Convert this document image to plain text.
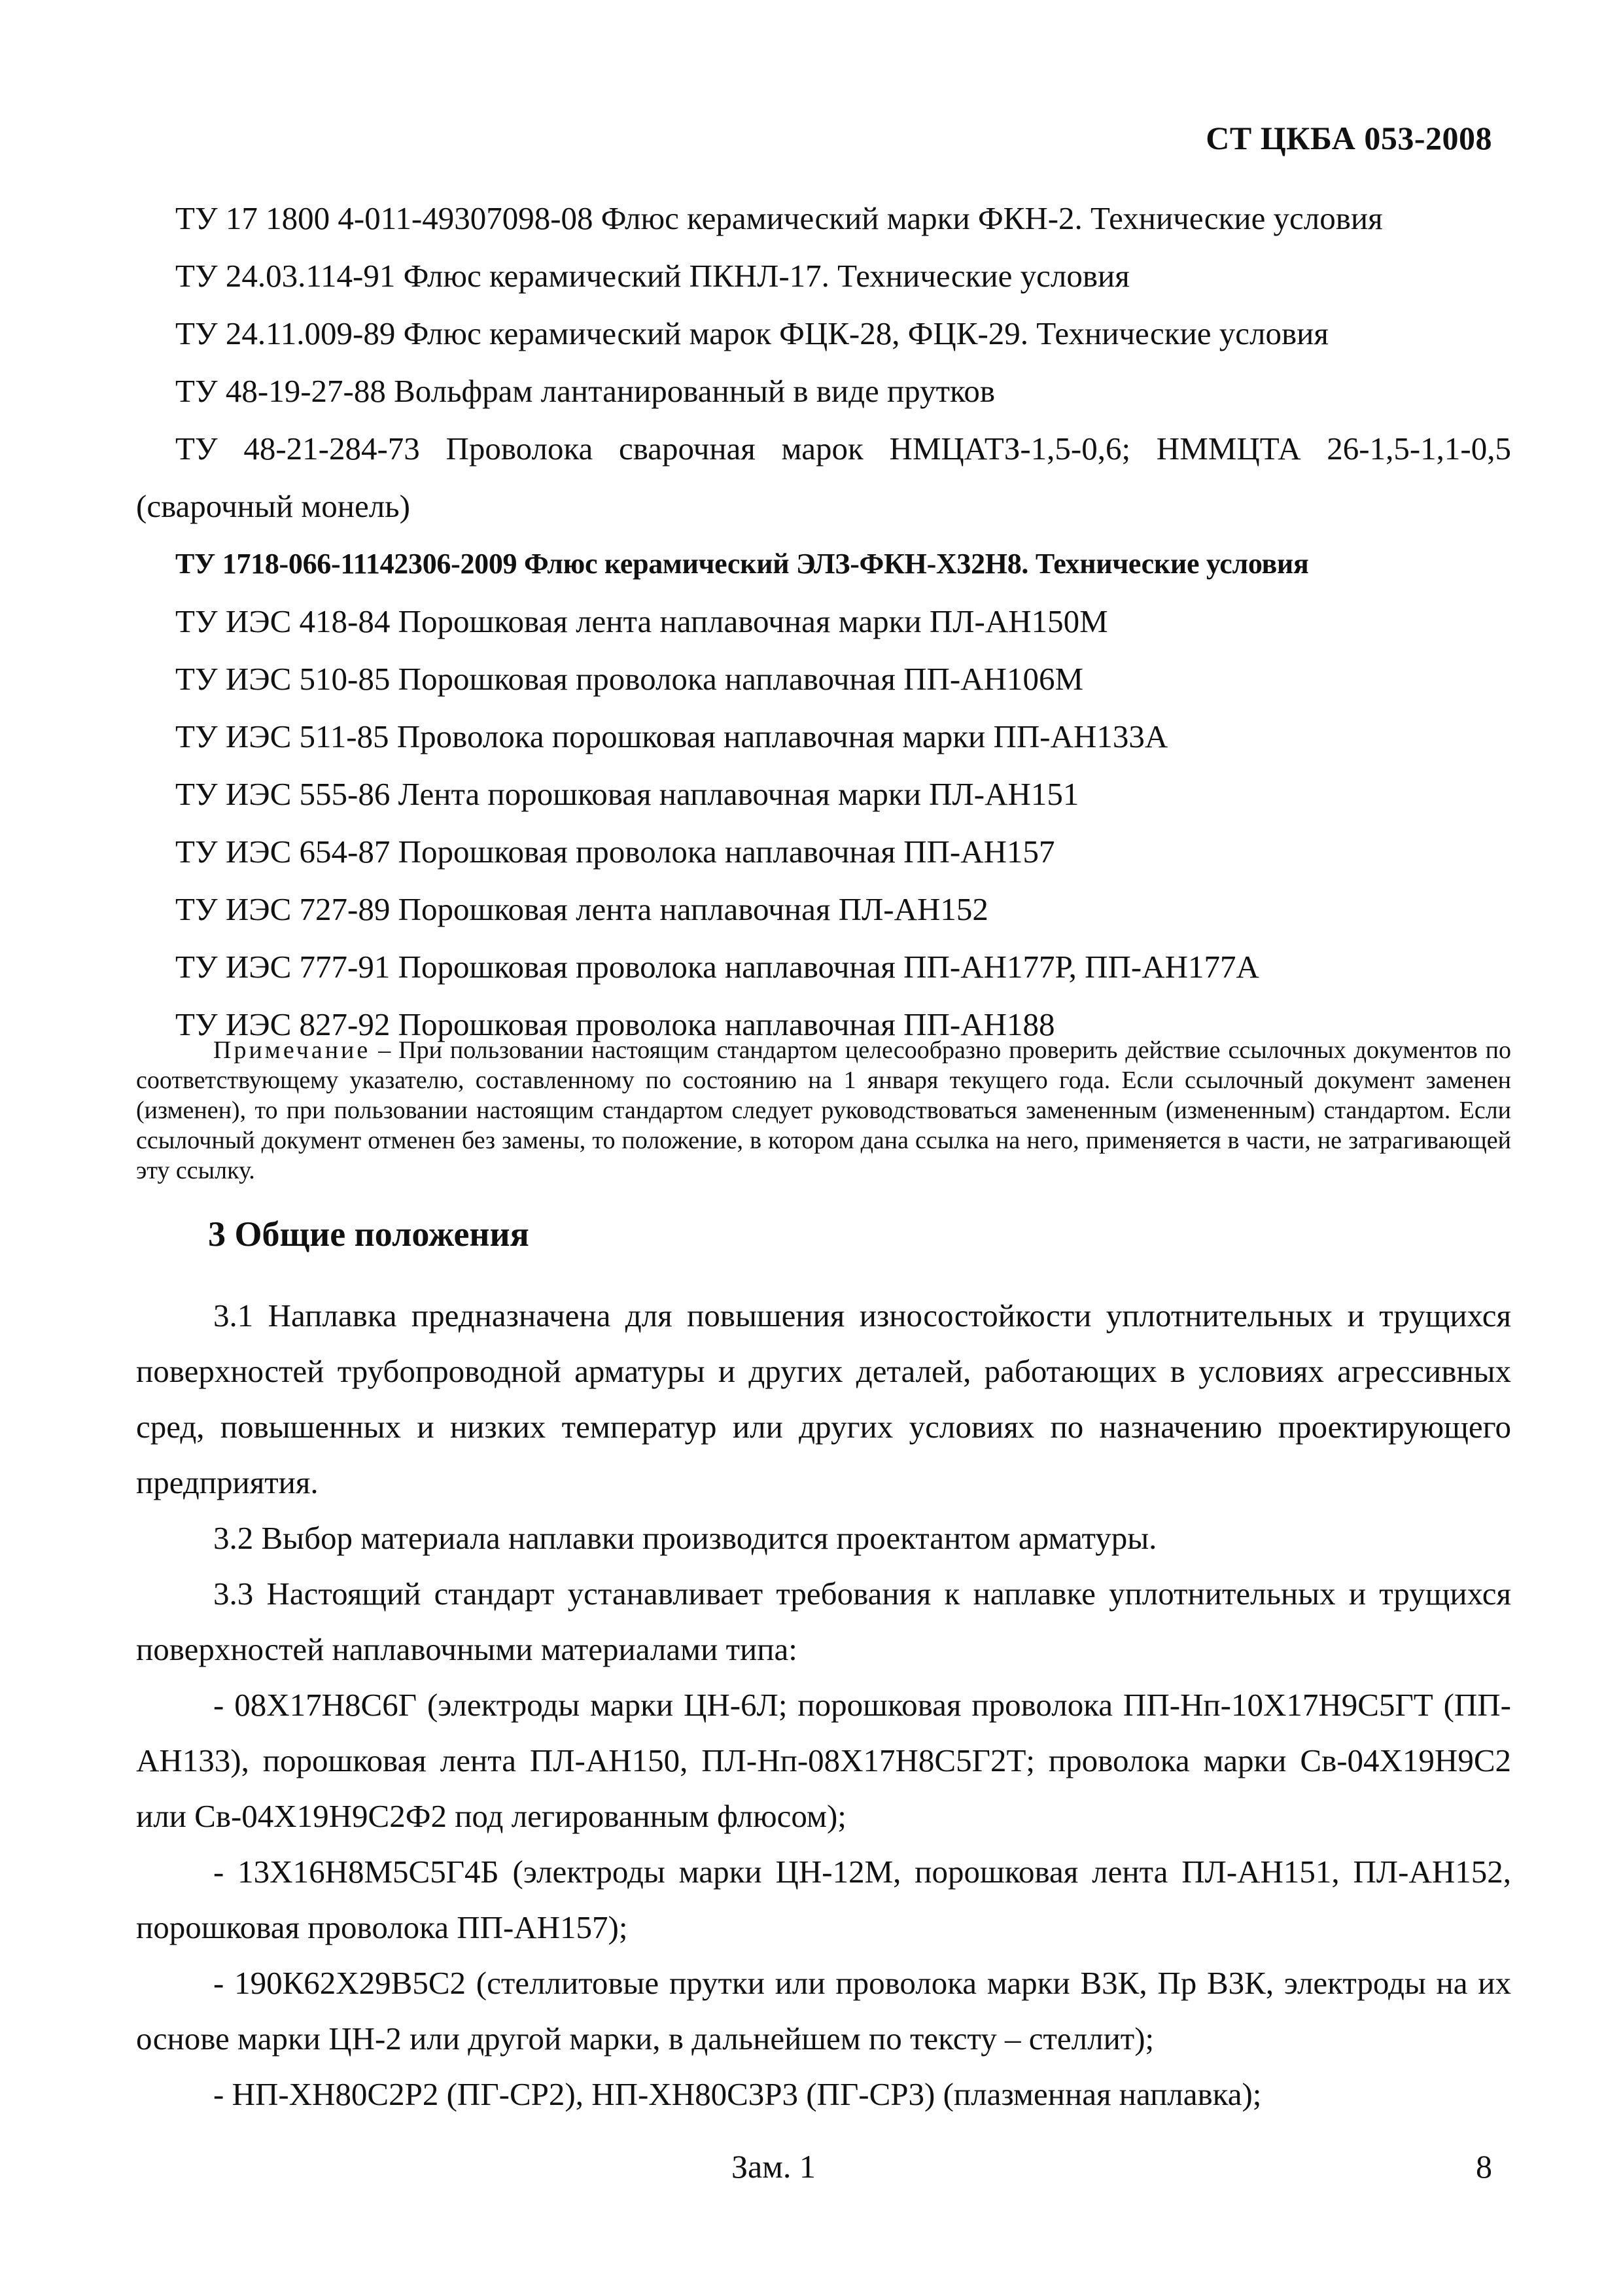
СТ ЦКБА 053-2008
ТУ 17 1800 4-011-49307098-08 Флюс керамический марки ФКН-2. Технические условия
ТУ 24.03.114-91 Флюс керамический ПКНЛ-17. Технические условия
ТУ 24.11.009-89 Флюс керамический марок ФЦК-28, ФЦК-29. Технические условия
ТУ 48-19-27-88 Вольфрам лантанированный в виде прутков
ТУ 48-21-284-73 Проволока сварочная марок НМЦАТЗ-1,5-0,6; НММЦТА 26-1,5-1,1-0,5 (сварочный монель)
ТУ 1718-066-11142306-2009 Флюс керамический ЭЛЗ-ФКН-Х32Н8. Технические условия
ТУ ИЭС 418-84 Порошковая лента наплавочная марки ПЛ-АН150М
ТУ ИЭС 510-85 Порошковая проволока наплавочная ПП-АН106М
ТУ ИЭС 511-85 Проволока порошковая наплавочная марки ПП-АН133А
ТУ ИЭС 555-86 Лента порошковая наплавочная марки ПЛ-АН151
ТУ ИЭС 654-87 Порошковая проволока наплавочная ПП-АН157
ТУ ИЭС 727-89 Порошковая лента наплавочная ПЛ-АН152
ТУ ИЭС 777-91 Порошковая проволока наплавочная ПП-АН177Р, ПП-АН177А
ТУ ИЭС 827-92 Порошковая проволока наплавочная ПП-АН188
Примечание – При пользовании настоящим стандартом целесообразно проверить действие ссылочных документов по соответствующему указателю, составленному по состоянию на 1 января текущего года. Если ссылочный документ заменен (изменен), то при пользовании настоящим стандартом следует руководствоваться замененным (измененным) стандартом. Если ссылочный документ отменен без замены, то положение, в котором дана ссылка на него, применяется в части, не затрагивающей эту ссылку.
3 Общие положения

3.1 Наплавка предназначена для повышения износостойкости уплотнительных и трущихся поверхностей трубопроводной арматуры и других деталей, работающих в условиях агрессивных сред, повышенных и низких температур или других условиях по назначению проектирующего предприятия.

3.2 Выбор материала наплавки производится проектантом арматуры.

3.3 Настоящий стандарт устанавливает требования к наплавке уплотнительных и трущихся поверхностей наплавочными материалами типа:

- 08Х17Н8С6Г (электроды марки ЦН-6Л; порошковая проволока ПП-Нп-10Х17Н9С5ГТ (ПП-АН133), порошковая лента ПЛ-АН150, ПЛ-Нп-08Х17Н8С5Г2Т; проволока марки Св-04Х19Н9С2 или Св-04Х19Н9С2Ф2 под легированным флюсом);

- 13Х16Н8М5С5Г4Б (электроды марки ЦН-12М, порошковая лента ПЛ-АН151, ПЛ-АН152, порошковая проволока ПП-АН157);

- 190К62Х29В5С2 (стеллитовые прутки или проволока марки В3К, Пр В3К, электроды на их основе марки ЦН-2 или другой марки, в дальнейшем по тексту – стеллит);

- НП-ХН80С2Р2 (ПГ-СР2), НП-ХН80С3Р3 (ПГ-СР3) (плазменная наплавка);

Зам. 1	8
